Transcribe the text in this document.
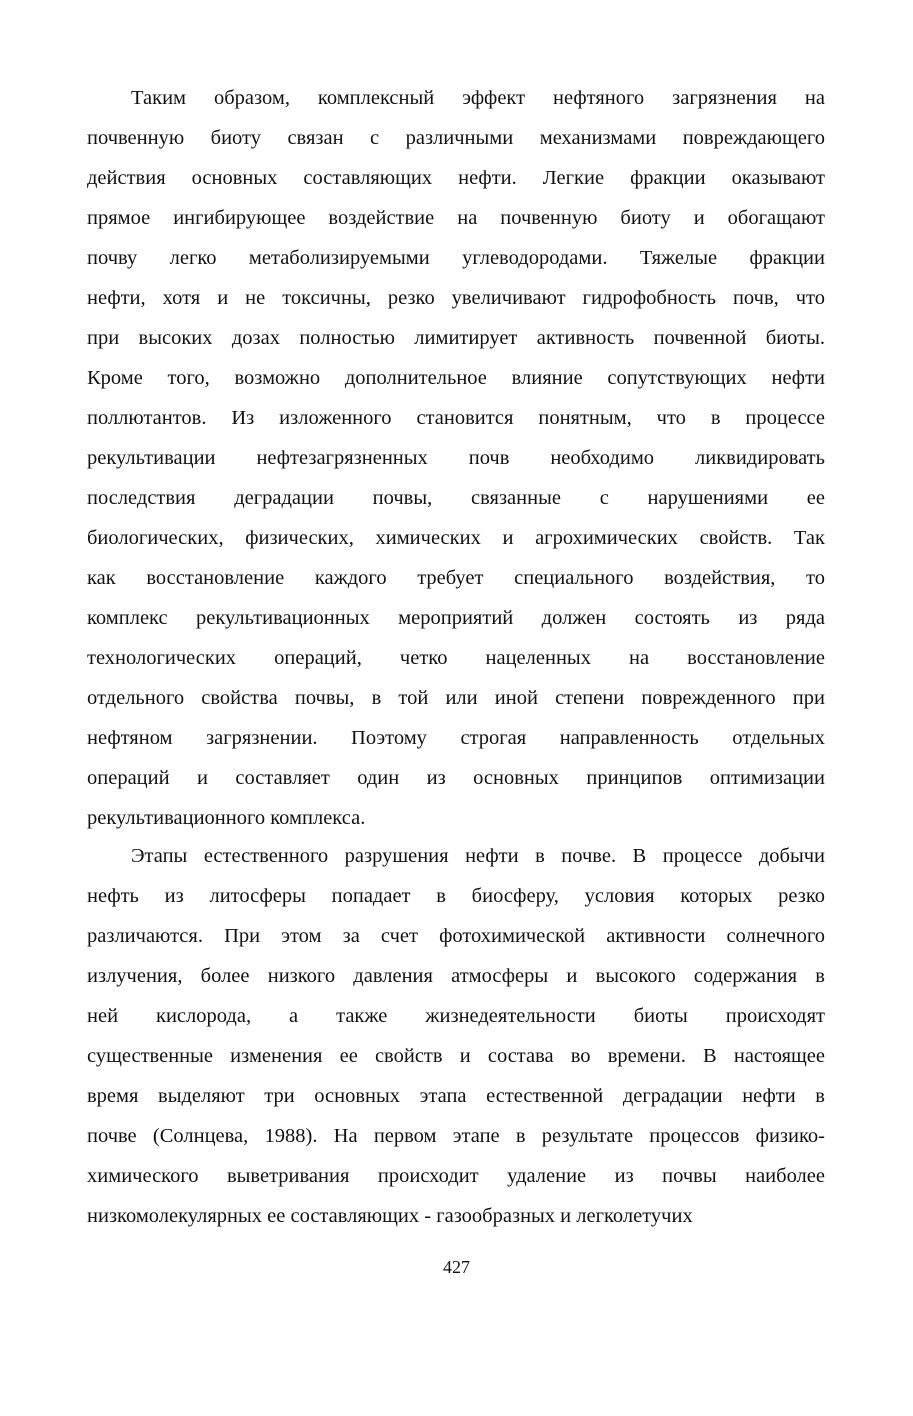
Таким образом, комплексный эффект нефтяного загрязнения на
почвенную биоту связан с различными механизмами повреждающего
действия основных составляющих нефти. Легкие фракции оказывают
прямое ингибирующее воздействие на почвенную биоту и обогащают
почву легко метаболизируемыми углеводородами. Тяжелые фракции
нефти, хотя и не токсичны, резко увеличивают гидрофобность почв, что
при высоких дозах полностью лимитирует активность почвенной биоты.
Кроме того, возможно дополнительное влияние сопутствующих нефти
поллютантов. Из изложенного становится понятным, что в процессе
рекультивации нефтезагрязненных почв необходимо ликвидировать
последствия деградации почвы, связанные с нарушениями ее
биологических, физических, химических и агрохимических свойств. Так
как восстановление каждого требует специального воздействия, то
комплекс рекультивационных мероприятий должен состоять из ряда
технологических операций, четко нацеленных на восстановление
отдельного свойства почвы, в той или иной степени поврежденного при
нефтяном загрязнении. Поэтому строгая направленность отдельных
операций и составляет один из основных принципов оптимизации
рекультивационного комплекса.
Этапы естественного разрушения нефти в почве. В процессе добычи
нефть из литосферы попадает в биосферу, условия которых резко
различаются. При этом за счет фотохимической активности солнечного
излучения, более низкого давления атмосферы и высокого содержания в
ней кислорода, а также жизнедеятельности биоты происходят
существенные изменения ее свойств и состава во времени. В настоящее
время выделяют три основных этапа естественной деградации нефти в
почве (Солнцева, 1988). На первом этапе в результате процессов физико-
химического выветривания происходит удаление из почвы наиболее
низкомолекулярных ее составляющих - газообразных и легколетучих
427
